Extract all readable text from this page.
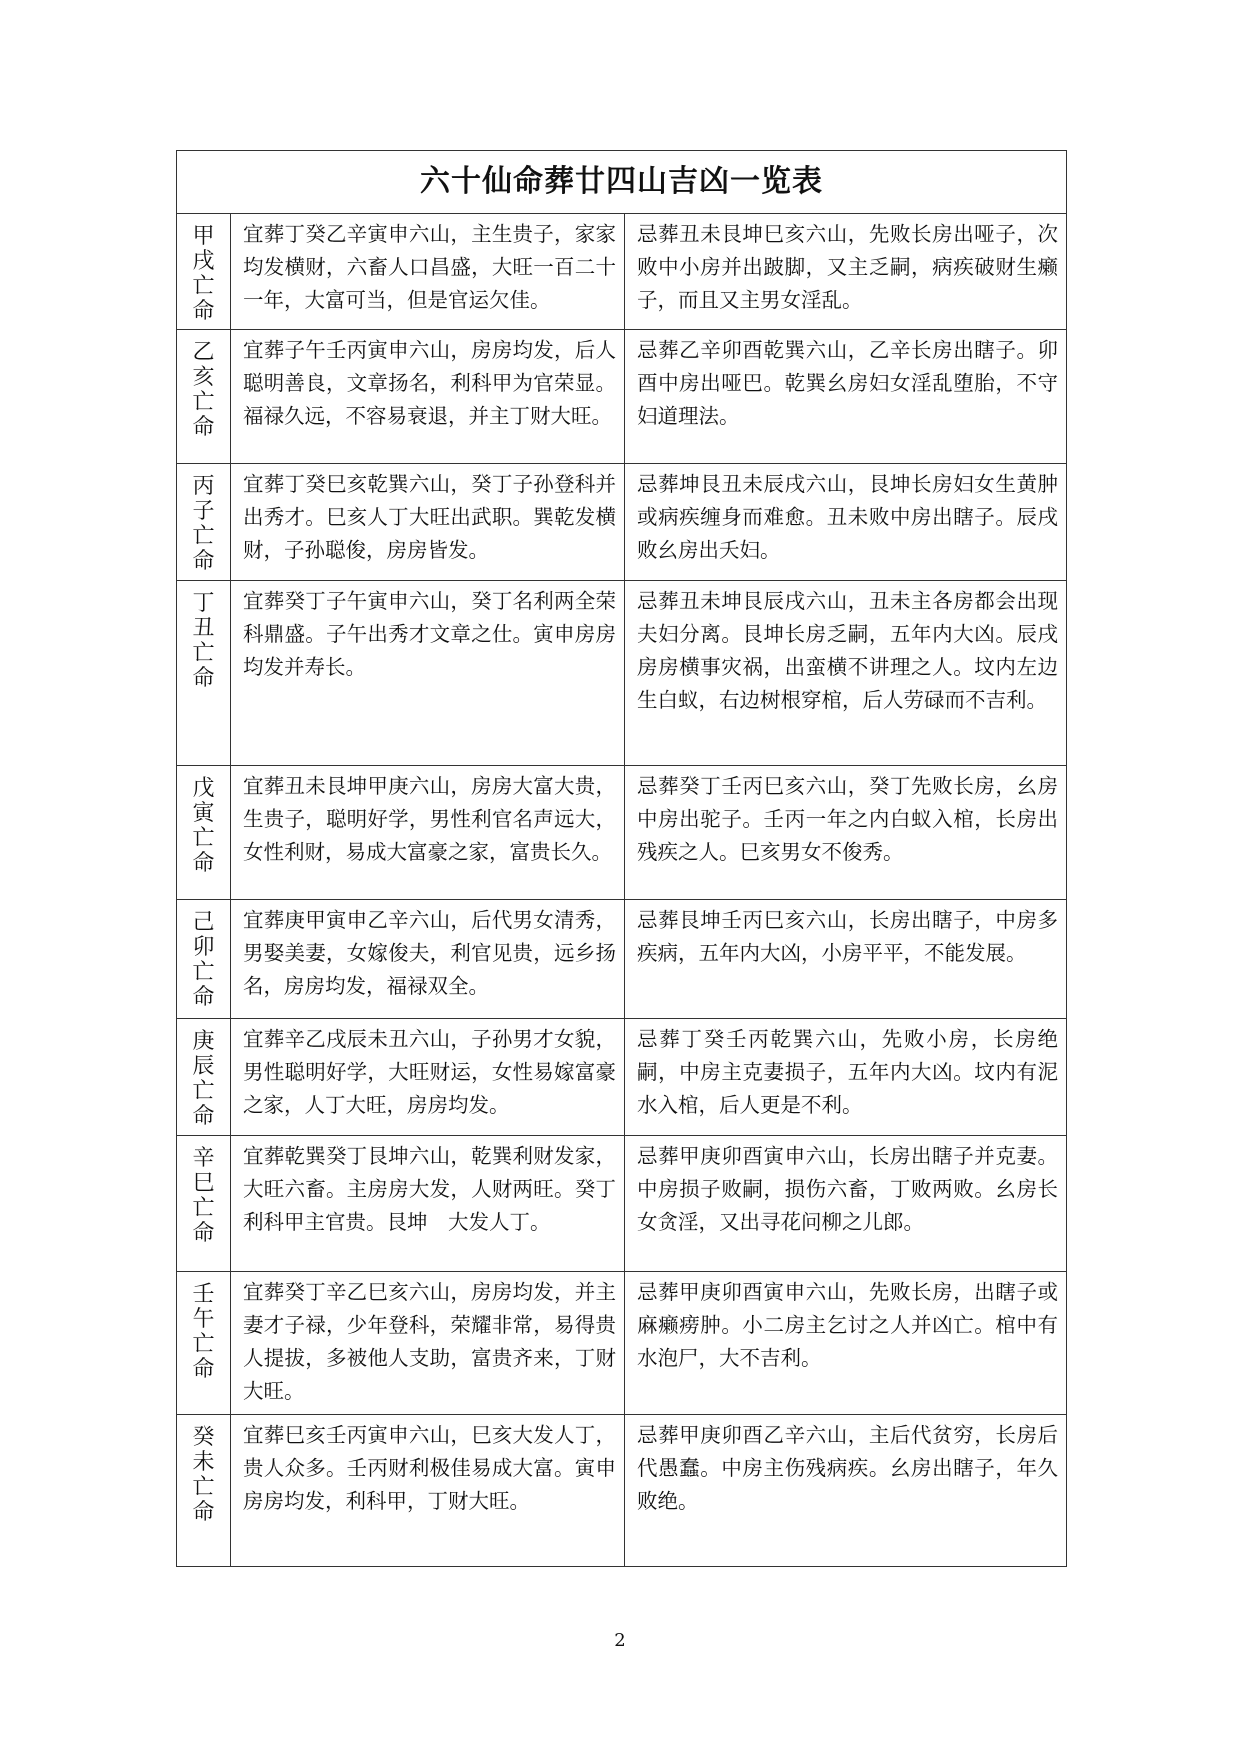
六十仙命葬廿四山吉凶一览表		
甲戌亡命	宜葬丁癸乙辛寅申六山，主生贵子，家家均发横财，六畜人口昌盛，大旺一百二十一年，大富可当，但是官运欠佳。	忌葬丑未艮坤巳亥六山，先败长房出哑子，次败中小房并出跛脚，又主乏嗣，病疾破财生癞子，而且又主男女淫乱。

乙亥亡命	宜葬子午壬丙寅申六山，房房均发，后人聪明善良，文章扬名，利科甲为官荣显。福禄久远，不容易衰退，并主丁财大旺。	忌葬乙辛卯酉乾巽六山，乙辛长房出瞎子。卯酉中房出哑巴。乾巽幺房妇女淫乱堕胎，不守妇道理法。

丙子亡命	宜葬丁癸巳亥乾巽六山，癸丁子孙登科并出秀才。巳亥人丁大旺出武职。巽乾发横财，子孙聪俊，房房皆发。	忌葬坤艮丑未辰戌六山，艮坤长房妇女生黄肿或病疾缠身而难愈。丑未败中房出瞎子。辰戌败幺房出夭妇。

丁丑亡命	宜葬癸丁子午寅申六山，癸丁名利两全荣科鼎盛。子午出秀才文章之仕。寅申房房均发并寿长。	忌葬丑未坤艮辰戌六山，丑未主各房都会出现夫妇分离。艮坤长房乏嗣，五年内大凶。辰戌房房横事灾祸，出蛮横不讲理之人。坟内左边生白蚁，右边树根穿棺，后人劳碌而不吉利。

戊寅亡命	宜葬丑未艮坤甲庚六山，房房大富大贵，生贵子，聪明好学，男性利官名声远大，女性利财，易成大富豪之家，富贵长久。	忌葬癸丁壬丙巳亥六山，癸丁先败长房，幺房中房出驼子。壬丙一年之内白蚁入棺，长房出残疾之人。巳亥男女不俊秀。

己卯亡命	宜葬庚甲寅申乙辛六山，后代男女清秀，男娶美妻，女嫁俊夫，利官见贵，远乡扬名，房房均发，福禄双全。	忌葬艮坤壬丙巳亥六山，长房出瞎子，中房多疾病，五年内大凶，小房平平，不能发展。

庚辰亡命	宜葬辛乙戌辰未丑六山，子孙男才女貌，男性聪明好学，大旺财运，女性易嫁富豪之家，人丁大旺，房房均发。	忌葬丁癸壬丙乾巽六山，先败小房，长房绝嗣，中房主克妻损子，五年内大凶。坟内有泥水入棺，后人更是不利。

辛巳亡命	宜葬乾巽癸丁艮坤六山，乾巽利财发家，大旺六畜。主房房大发，人财两旺。癸丁利科甲主官贵。艮坤　大发人丁。	忌葬甲庚卯酉寅申六山，长房出瞎子并克妻。中房损子败嗣，损伤六畜，丁败两败。幺房长女贪淫，又出寻花问柳之儿郎。

壬午亡命	宜葬癸丁辛乙巳亥六山，房房均发，并主妻才子禄，少年登科，荣耀非常，易得贵人提拔，多被他人支助，富贵齐来，丁财大旺。	忌葬甲庚卯酉寅申六山，先败长房，出瞎子或麻癞痨肿。小二房主乞讨之人并凶亡。棺中有水泡尸，大不吉利。

癸未亡命	宜葬巳亥壬丙寅申六山，巳亥大发人丁，贵人众多。壬丙财利极佳易成大富。寅申房房均发，利科甲，丁财大旺。	忌葬甲庚卯酉乙辛六山，主后代贫穷，长房后代愚蠢。中房主伤残病疾。幺房出瞎子，年久败绝。
2
